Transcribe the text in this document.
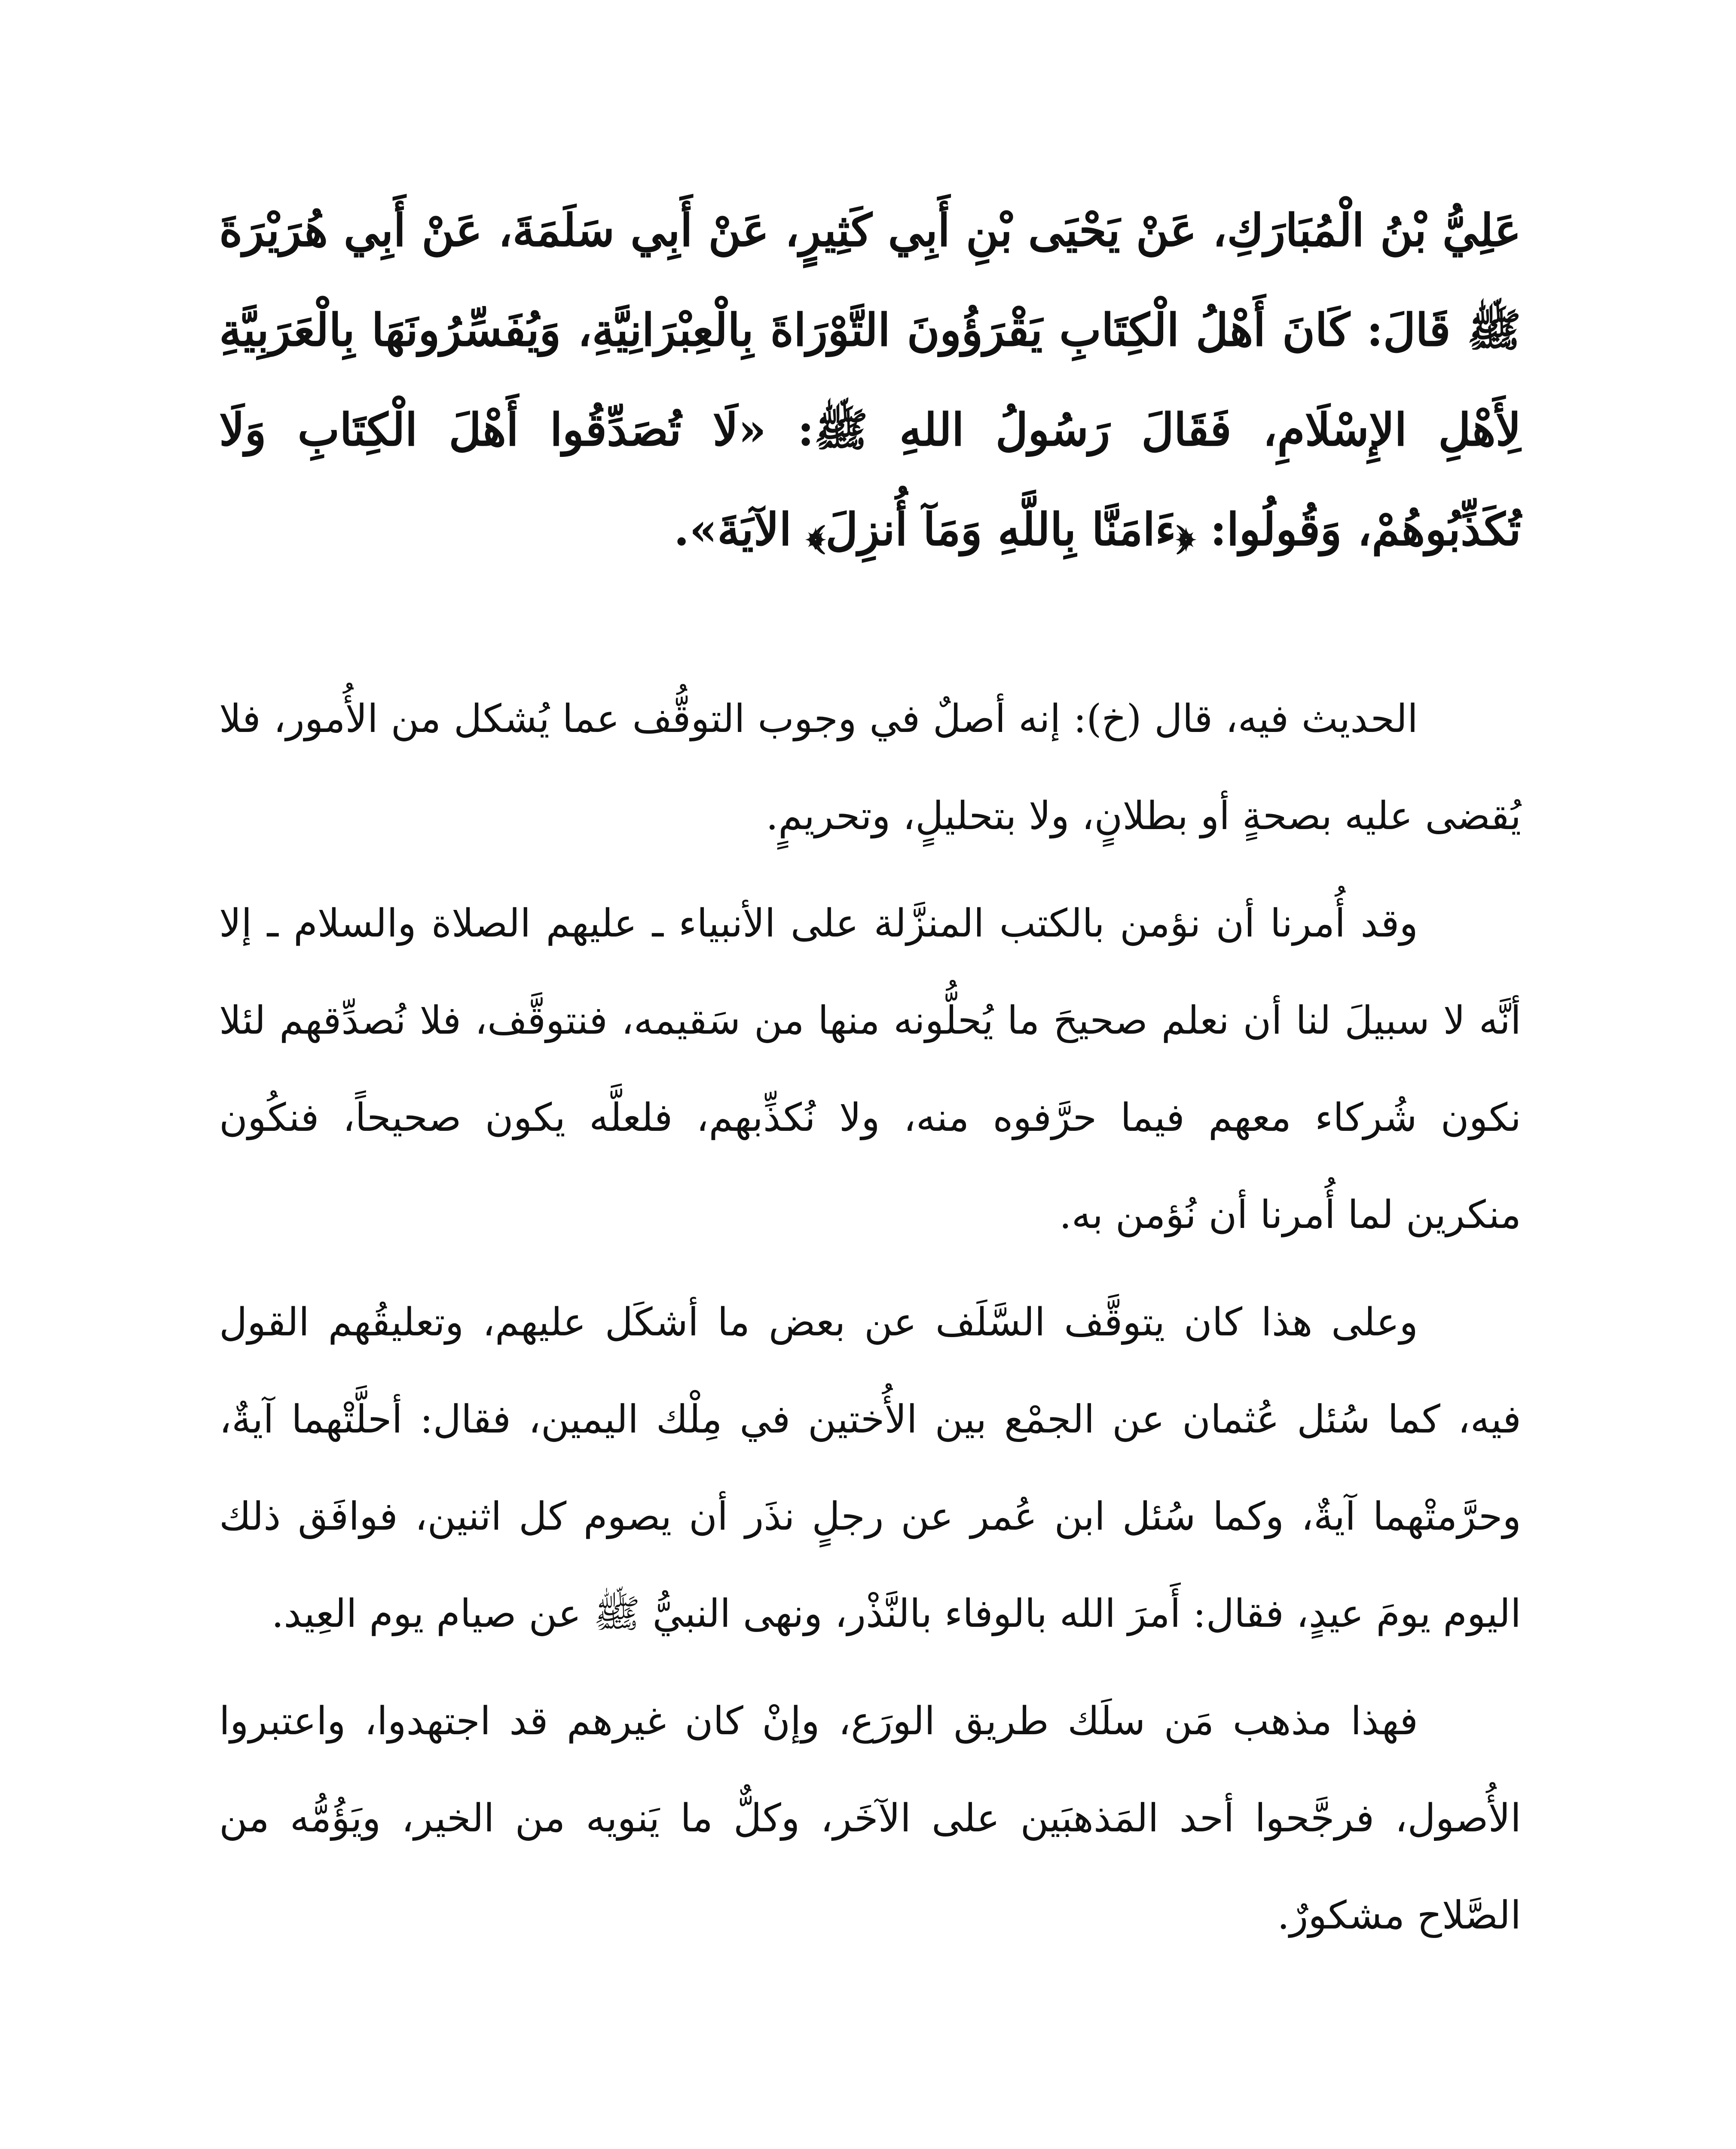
عَلِيُّ بْنُ الْمُبَارَكِ، عَنْ يَحْيَى بْنِ أَبِي كَثِيرٍ، عَنْ أَبِي سَلَمَةَ، عَنْ أَبِي هُرَيْرَةَ ﷺ قَالَ: كَانَ أَهْلُ الْكِتَابِ يَقْرَؤُونَ التَّوْرَاةَ بِالْعِبْرَانِيَّةِ، وَيُفَسِّرُونَهَا بِالْعَرَبِيَّةِ لِأَهْلِ الإِسْلَامِ، فَقَالَ رَسُولُ اللهِ ﷺ: «لَا تُصَدِّقُوا أَهْلَ الْكِتَابِ وَلَا تُكَذِّبُوهُمْ، وَقُولُوا: ﴿ءَامَنَّا بِاللَّهِ وَمَآ أُنزِلَ﴾ الآيَةَ».

الحديث فيه، قال (خ): إنه أصلٌ في وجوب التوقُّف عما يُشكل من الأُمور، فلا يُقضى عليه بصحةٍ أو بطلانٍ، ولا بتحليلٍ، وتحريمٍ.

وقد أُمرنا أن نؤمن بالكتب المنزَّلة على الأنبياء ـ عليهم الصلاة والسلام ـ إلا أنَّه لا سبيلَ لنا أن نعلم صحيحَ ما يُحلُّونه منها من سَقيمه، فنتوقَّف، فلا نُصدِّقهم لئلا نكون شُركاء معهم فيما حرَّفوه منه، ولا نُكذِّبهم، فلعلَّه يكون صحيحاً، فنكُون منكرين لما أُمرنا أن نُؤمن به.

وعلى هذا كان يتوقَّف السَّلَف عن بعض ما أشكَل عليهم، وتعليقُهم القول فيه، كما سُئل عُثمان عن الجمْع بين الأُختين في مِلْك اليمين، فقال: أحلَّتْهما آيةٌ، وحرَّمتْهما آيةٌ، وكما سُئل ابن عُمر عن رجلٍ نذَر أن يصوم كل اثنين، فوافَق ذلك اليوم يومَ عيدٍ، فقال: أَمرَ الله بالوفاء بالنَّذْر، ونهى النبيُّ ﷺ عن صيام يوم العِيد.

فهذا مذهب مَن سلَك طريق الورَع، وإنْ كان غيرهم قد اجتهدوا، واعتبروا الأُصول، فرجَّحوا أحد المَذهبَين على الآخَر، وكلٌّ ما يَنويه من الخير، ويَؤُمُّه من الصَّلاح مشكورٌ.
